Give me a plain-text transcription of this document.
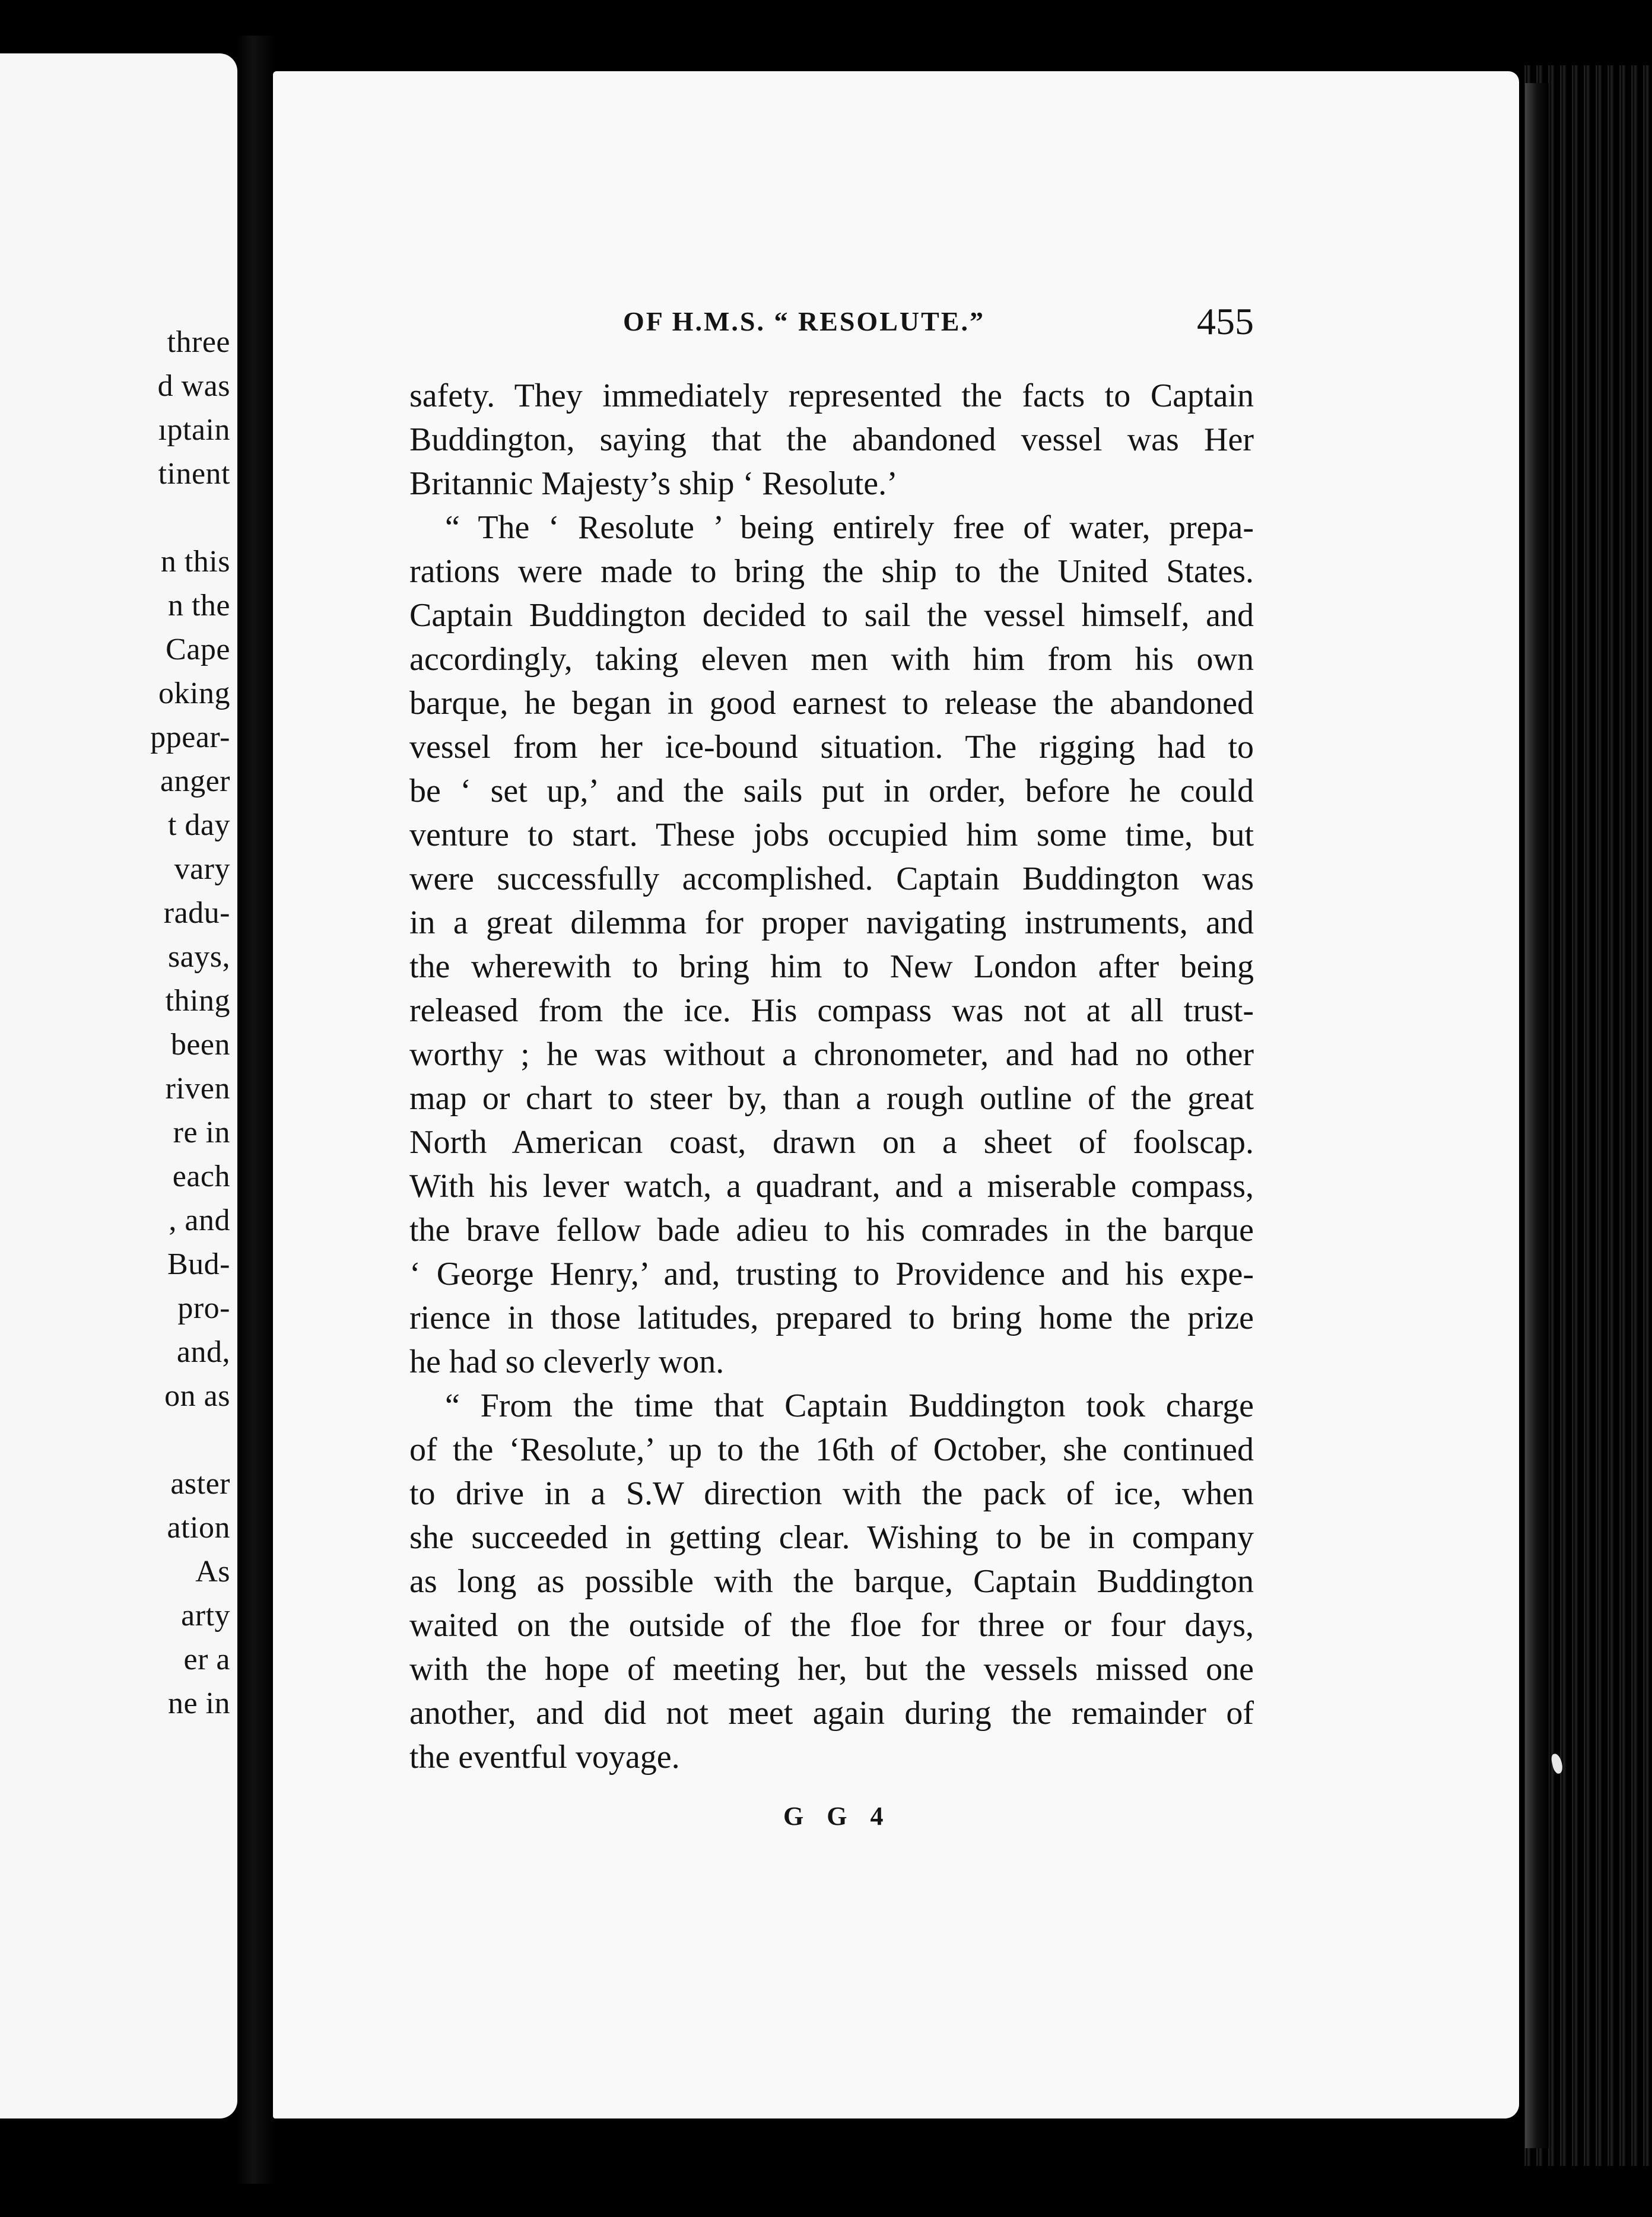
three
d was
ıptain
tinent
n this
n the
Cape
oking
ppear-
anger
t day
vary
radu-
says,
thing
been
riven
re in
each
, and
Bud-
pro-
and,
on as
aster
ation
As
arty
er a
ne in
OF H.M.S. “ RESOLUTE.”	455
safety. They immediately represented the facts to Captain
Buddington, saying that the abandoned vessel was Her
Britannic Majesty’s ship ‘ Resolute.’
“ The ‘ Resolute ’ being entirely free of water, prepa-
rations were made to bring the ship to the United States.
Captain Buddington decided to sail the vessel himself, and
accordingly, taking eleven men with him from his own
barque, he began in good earnest to release the abandoned
vessel from her ice-bound situation. The rigging had to
be ‘ set up,’ and the sails put in order, before he could
venture to start. These jobs occupied him some time, but
were successfully accomplished. Captain Buddington was
in a great dilemma for proper navigating instruments, and
the wherewith to bring him to New London after being
released from the ice. His compass was not at all trust-
worthy ; he was without a chronometer, and had no other
map or chart to steer by, than a rough outline of the great
North American coast, drawn on a sheet of foolscap.
With his lever watch, a quadrant, and a miserable compass,
the brave fellow bade adieu to his comrades in the barque
‘ George Henry,’ and, trusting to Providence and his expe-
rience in those latitudes, prepared to bring home the prize
he had so cleverly won.
“ From the time that Captain Buddington took charge
of the ‘Resolute,’ up to the 16th of October, she continued
to drive in a S.W direction with the pack of ice, when
she succeeded in getting clear. Wishing to be in company
as long as possible with the barque, Captain Buddington
waited on the outside of the floe for three or four days,
with the hope of meeting her, but the vessels missed one
another, and did not meet again during the remainder of
the eventful voyage.
G G 4
